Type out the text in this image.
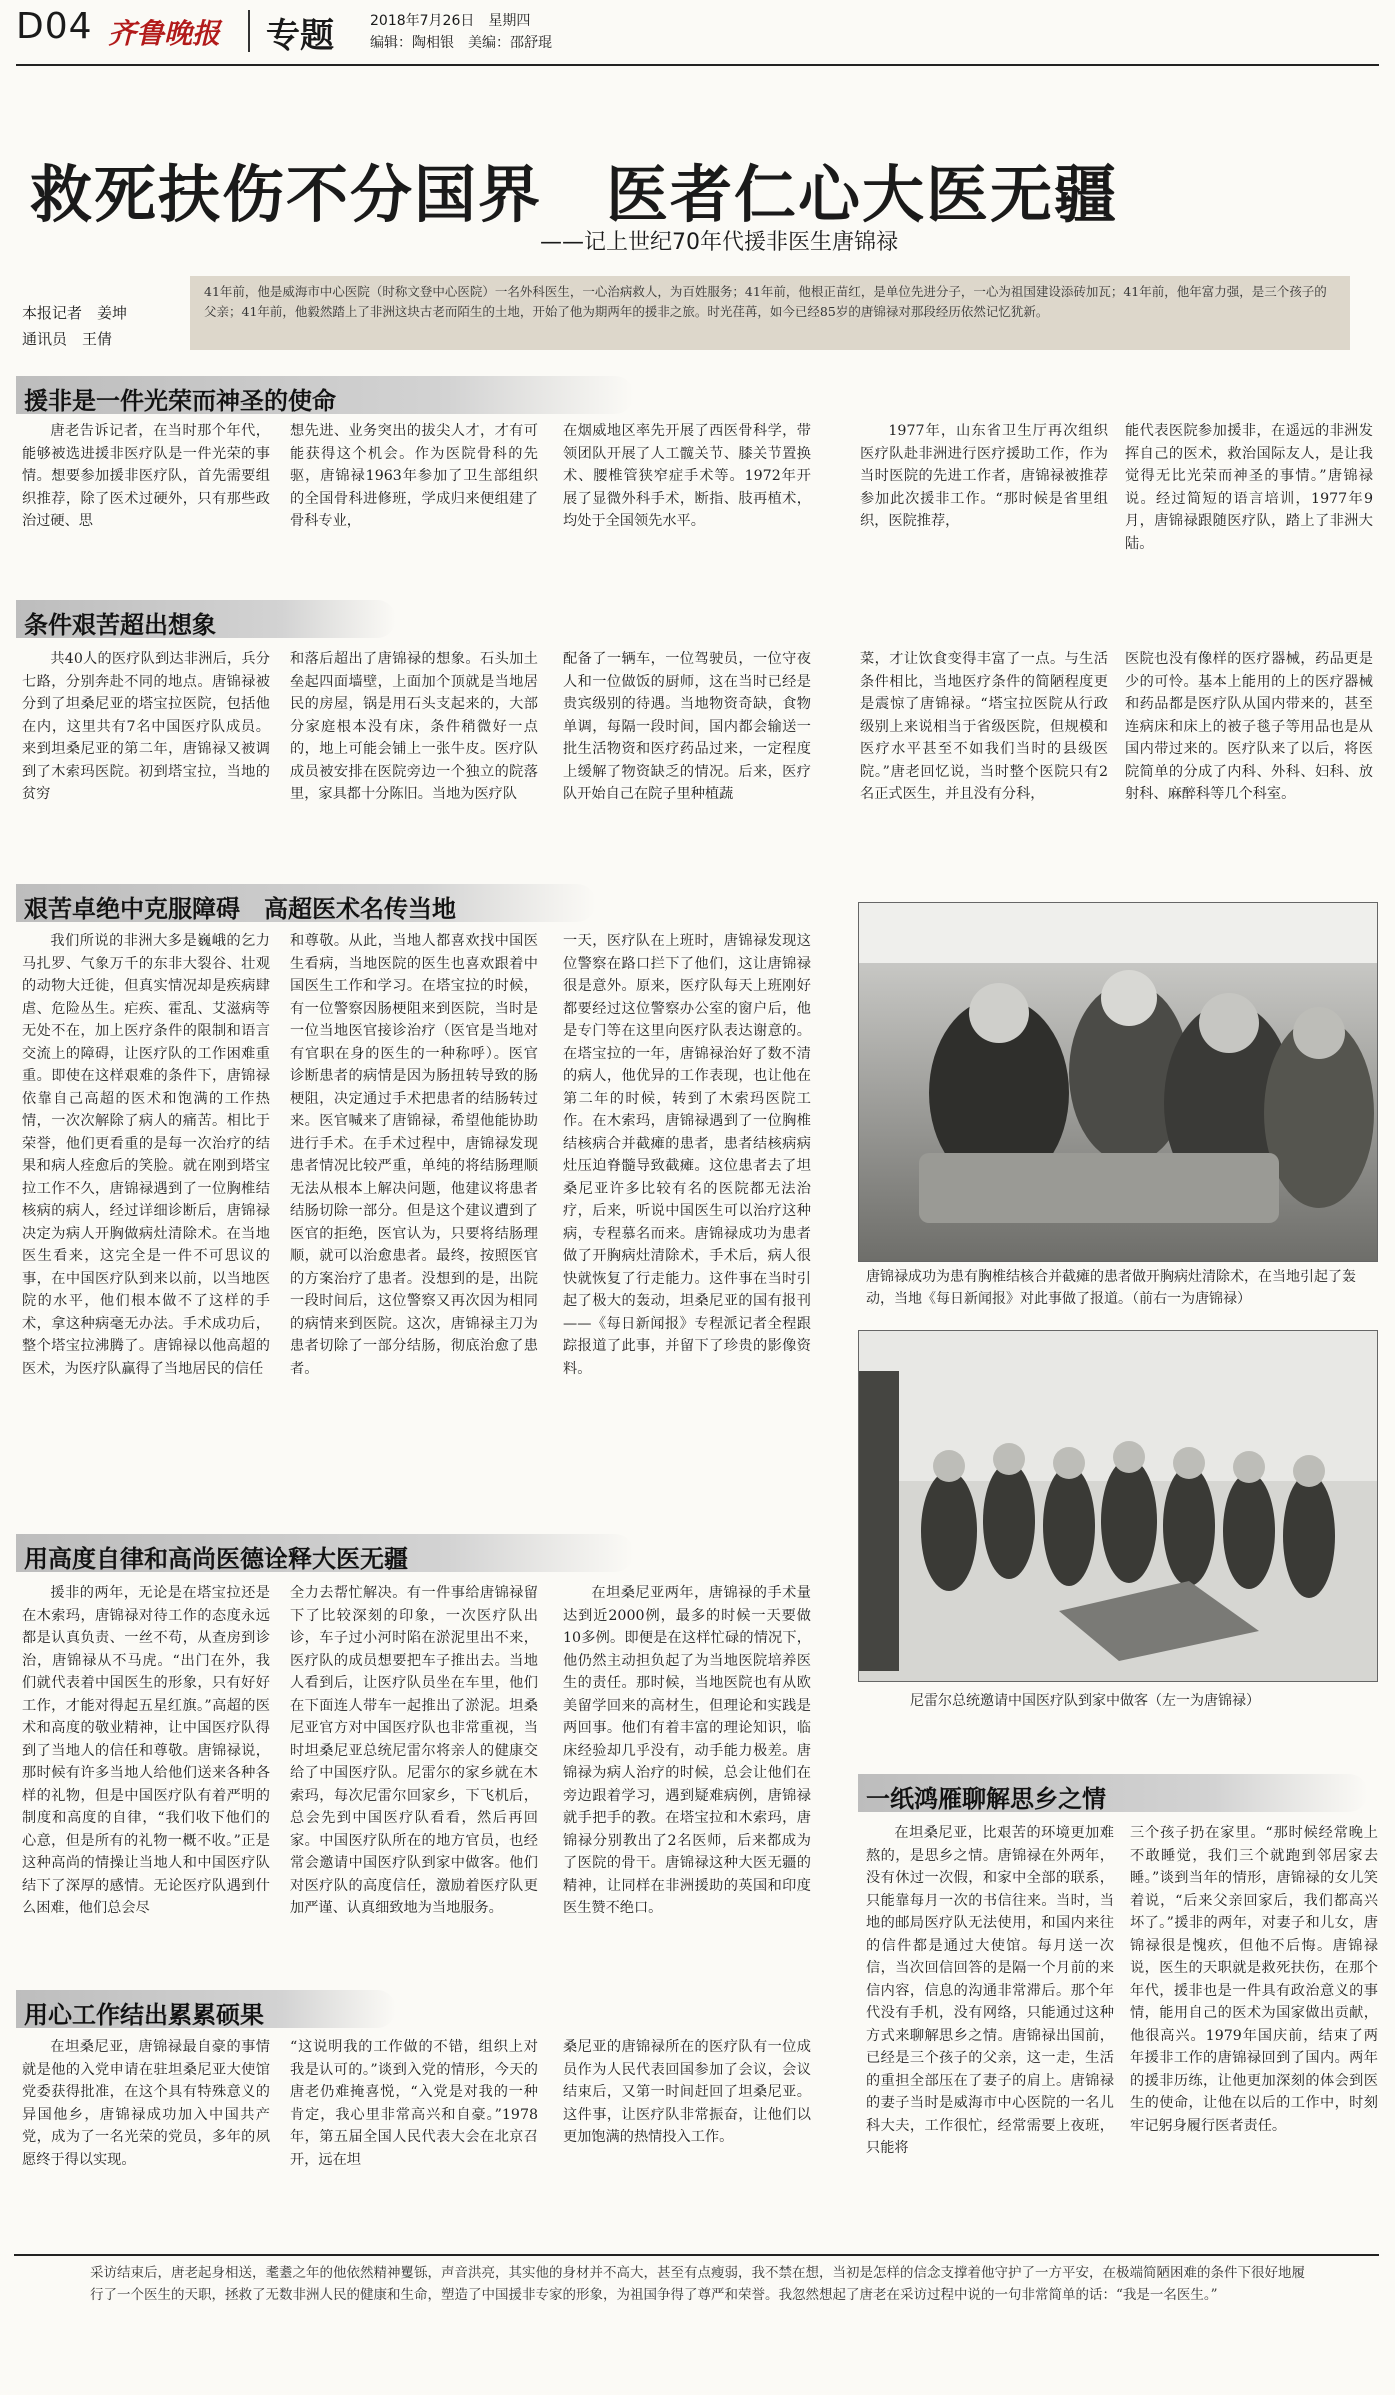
D04 齐鲁晚报 专题	2018年7月26日　星期四
编辑：陶相银　美编：邵舒琨
救死扶伤不分国界　医者仁心大医无疆
——记上世纪70年代援非医生唐锦禄
本报记者　姜坤
通讯员　王倩
41年前，他是威海市中心医院（时称文登中心医院）一名外科医生，一心治病救人，为百姓服务；41年前，他根正苗红，是单位先进分子，一心为祖国建设添砖加瓦；41年前，他年富力强，是三个孩子的父亲；41年前，他毅然踏上了非洲这块古老而陌生的土地，开始了他为期两年的援非之旅。时光荏苒，如今已经85岁的唐锦禄对那段经历依然记忆犹新。
援非是一件光荣而神圣的使命

唐老告诉记者，在当时那个年代，能够被选进援非医疗队是一件光荣的事情。想要参加援非医疗队，首先需要组织推荐，除了医术过硬外，只有那些政治过硬、思

想先进、业务突出的拔尖人才，才有可能获得这个机会。作为医院骨科的先驱，唐锦禄1963年参加了卫生部组织的全国骨科进修班，学成归来便组建了骨科专业，

在烟威地区率先开展了西医骨科学，带领团队开展了人工髋关节、膝关节置换术、腰椎管狭窄症手术等。1972年开展了显微外科手术，断指、肢再植术，均处于全国领先水平。

1977年，山东省卫生厅再次组织医疗队赴非洲进行医疗援助工作，作为当时医院的先进工作者，唐锦禄被推荐参加此次援非工作。“那时候是省里组织，医院推荐，

能代表医院参加援非，在遥远的非洲发挥自己的医术，救治国际友人，是让我觉得无比光荣而神圣的事情。”唐锦禄说。经过简短的语言培训，1977年9月，唐锦禄跟随医疗队，踏上了非洲大陆。

条件艰苦超出想象

共40人的医疗队到达非洲后，兵分七路，分别奔赴不同的地点。唐锦禄被分到了坦桑尼亚的塔宝拉医院，包括他在内，这里共有7名中国医疗队成员。来到坦桑尼亚的第二年，唐锦禄又被调到了木索玛医院。初到塔宝拉，当地的贫穷

和落后超出了唐锦禄的想象。石头加土垒起四面墙壁，上面加个顶就是当地居民的房屋，锅是用石头支起来的，大部分家庭根本没有床，条件稍微好一点的，地上可能会铺上一张牛皮。医疗队成员被安排在医院旁边一个独立的院落里，家具都十分陈旧。当地为医疗队

配备了一辆车，一位驾驶员，一位守夜人和一位做饭的厨师，这在当时已经是贵宾级别的待遇。当地物资奇缺，食物单调，每隔一段时间，国内都会输送一批生活物资和医疗药品过来，一定程度上缓解了物资缺乏的情况。后来，医疗队开始自己在院子里种植蔬

菜，才让饮食变得丰富了一点。与生活条件相比，当地医疗条件的简陋程度更是震惊了唐锦禄。“塔宝拉医院从行政级别上来说相当于省级医院，但规模和医疗水平甚至不如我们当时的县级医院。”唐老回忆说，当时整个医院只有2名正式医生，并且没有分科，

医院也没有像样的医疗器械，药品更是少的可怜。基本上能用的上的医疗器械和药品都是医疗队从国内带来的，甚至连病床和床上的被子毯子等用品也是从国内带过来的。医疗队来了以后，将医院简单的分成了内科、外科、妇科、放射科、麻醉科等几个科室。

艰苦卓绝中克服障碍　高超医术名传当地

我们所说的非洲大多是巍峨的乞力马扎罗、气象万千的东非大裂谷、壮观的动物大迁徙，但真实情况却是疾病肆虐、危险丛生。疟疾、霍乱、艾滋病等无处不在，加上医疗条件的限制和语言交流上的障碍，让医疗队的工作困难重重。即使在这样艰难的条件下，唐锦禄依靠自己高超的医术和饱满的工作热情，一次次解除了病人的痛苦。相比于荣誉，他们更看重的是每一次治疗的结果和病人痊愈后的笑脸。就在刚到塔宝拉工作不久，唐锦禄遇到了一位胸椎结核病的病人，经过详细诊断后，唐锦禄决定为病人开胸做病灶清除术。在当地医生看来，这完全是一件不可思议的事，在中国医疗队到来以前，以当地医院的水平，他们根本做不了这样的手术，拿这种病毫无办法。手术成功后，整个塔宝拉沸腾了。唐锦禄以他高超的医术，为医疗队赢得了当地居民的信任

和尊敬。从此，当地人都喜欢找中国医生看病，当地医院的医生也喜欢跟着中国医生工作和学习。在塔宝拉的时候，有一位警察因肠梗阻来到医院，当时是一位当地医官接诊治疗（医官是当地对有官职在身的医生的一种称呼）。医官诊断患者的病情是因为肠扭转导致的肠梗阻，决定通过手术把患者的结肠转过来。医官喊来了唐锦禄，希望他能协助进行手术。在手术过程中，唐锦禄发现患者情况比较严重，单纯的将结肠理顺无法从根本上解决问题，他建议将患者结肠切除一部分。但是这个建议遭到了医官的拒绝，医官认为，只要将结肠理顺，就可以治愈患者。最终，按照医官的方案治疗了患者。没想到的是，出院一段时间后，这位警察又再次因为相同的病情来到医院。这次，唐锦禄主刀为患者切除了一部分结肠，彻底治愈了患者。

一天，医疗队在上班时，唐锦禄发现这位警察在路口拦下了他们，这让唐锦禄很是意外。原来，医疗队每天上班刚好都要经过这位警察办公室的窗户后，他是专门等在这里向医疗队表达谢意的。在塔宝拉的一年，唐锦禄治好了数不清的病人，他优异的工作表现，也让他在第二年的时候，转到了木索玛医院工作。在木索玛，唐锦禄遇到了一位胸椎结核病合并截瘫的患者，患者结核病病灶压迫脊髓导致截瘫。这位患者去了坦桑尼亚许多比较有名的医院都无法治疗，后来，听说中国医生可以治疗这种病，专程慕名而来。唐锦禄成功为患者做了开胸病灶清除术，手术后，病人很快就恢复了行走能力。这件事在当时引起了极大的轰动，坦桑尼亚的国有报刊——《每日新闻报》专程派记者全程跟踪报道了此事，并留下了珍贵的影像资料。

唐锦禄成功为患有胸椎结核合并截瘫的患者做开胸病灶清除术，在当地引起了轰动，当地《每日新闻报》对此事做了报道。（前右一为唐锦禄）
尼雷尔总统邀请中国医疗队到家中做客（左一为唐锦禄）
用高度自律和高尚医德诠释大医无疆

援非的两年，无论是在塔宝拉还是在木索玛，唐锦禄对待工作的态度永远都是认真负责、一丝不苟，从查房到诊治，唐锦禄从不马虎。“出门在外，我们就代表着中国医生的形象，只有好好工作，才能对得起五星红旗。”高超的医术和高度的敬业精神，让中国医疗队得到了当地人的信任和尊敬。唐锦禄说，那时候有许多当地人给他们送来各种各样的礼物，但是中国医疗队有着严明的制度和高度的自律，“我们收下他们的心意，但是所有的礼物一概不收。”正是这种高尚的情操让当地人和中国医疗队结下了深厚的感情。无论医疗队遇到什么困难，他们总会尽

全力去帮忙解决。有一件事给唐锦禄留下了比较深刻的印象，一次医疗队出诊，车子过小河时陷在淤泥里出不来，医疗队的成员想要把车子推出去。当地人看到后，让医疗队员坐在车里，他们在下面连人带车一起推出了淤泥。坦桑尼亚官方对中国医疗队也非常重视，当时坦桑尼亚总统尼雷尔将亲人的健康交给了中国医疗队。尼雷尔的家乡就在木索玛，每次尼雷尔回家乡，下飞机后，总会先到中国医疗队看看，然后再回家。中国医疗队所在的地方官员，也经常会邀请中国医疗队到家中做客。他们对医疗队的高度信任，激励着医疗队更加严谨、认真细致地为当地服务。

在坦桑尼亚两年，唐锦禄的手术量达到近2000例，最多的时候一天要做10多例。即便是在这样忙碌的情况下，他仍然主动担负起了为当地医院培养医生的责任。那时候，当地医院也有从欧美留学回来的高材生，但理论和实践是两回事。他们有着丰富的理论知识，临床经验却几乎没有，动手能力极差。唐锦禄为病人治疗的时候，总会让他们在旁边跟着学习，遇到疑难病例，唐锦禄就手把手的教。在塔宝拉和木索玛，唐锦禄分别教出了2名医师，后来都成为了医院的骨干。唐锦禄这种大医无疆的精神，让同样在非洲援助的英国和印度医生赞不绝口。

一纸鸿雁聊解思乡之情

在坦桑尼亚，比艰苦的环境更加难熬的，是思乡之情。唐锦禄在外两年，没有休过一次假，和家中全部的联系，只能靠每月一次的书信往来。当时，当地的邮局医疗队无法使用，和国内来往的信件都是通过大使馆。每月送一次信，当次回信回答的是隔一个月前的来信内容，信息的沟通非常滞后。那个年代没有手机，没有网络，只能通过这种方式来聊解思乡之情。唐锦禄出国前，已经是三个孩子的父亲，这一走，生活的重担全部压在了妻子的肩上。唐锦禄的妻子当时是威海市中心医院的一名儿科大夫，工作很忙，经常需要上夜班，只能将

三个孩子扔在家里。“那时候经常晚上不敢睡觉，我们三个就跑到邻居家去睡。”谈到当年的情形，唐锦禄的女儿笑着说，“后来父亲回家后，我们都高兴坏了。”援非的两年，对妻子和儿女，唐锦禄很是愧疚，但他不后悔。唐锦禄说，医生的天职就是救死扶伤，在那个年代，援非也是一件具有政治意义的事情，能用自己的医术为国家做出贡献，他很高兴。1979年国庆前，结束了两年援非工作的唐锦禄回到了国内。两年的援非历练，让他更加深刻的体会到医生的使命，让他在以后的工作中，时刻牢记躬身履行医者责任。

用心工作结出累累硕果

在坦桑尼亚，唐锦禄最自豪的事情就是他的入党申请在驻坦桑尼亚大使馆党委获得批准，在这个具有特殊意义的异国他乡，唐锦禄成功加入中国共产党，成为了一名光荣的党员，多年的夙愿终于得以实现。

“这说明我的工作做的不错，组织上对我是认可的。”谈到入党的情形，今天的唐老仍难掩喜悦，“入党是对我的一种肯定，我心里非常高兴和自豪。”1978年，第五届全国人民代表大会在北京召开，远在坦

桑尼亚的唐锦禄所在的医疗队有一位成员作为人民代表回国参加了会议，会议结束后，又第一时间赶回了坦桑尼亚。这件事，让医疗队非常振奋，让他们以更加饱满的热情投入工作。

采访结束后，唐老起身相送，耄耋之年的他依然精神矍铄，声音洪亮，其实他的身材并不高大，甚至有点瘦弱，我不禁在想，当初是怎样的信念支撑着他守护了一方平安，在极端简陋困难的条件下很好地履行了一个医生的天职，拯救了无数非洲人民的健康和生命，塑造了中国援非专家的形象，为祖国争得了尊严和荣誉。我忽然想起了唐老在采访过程中说的一句非常简单的话：“我是一名医生。”
